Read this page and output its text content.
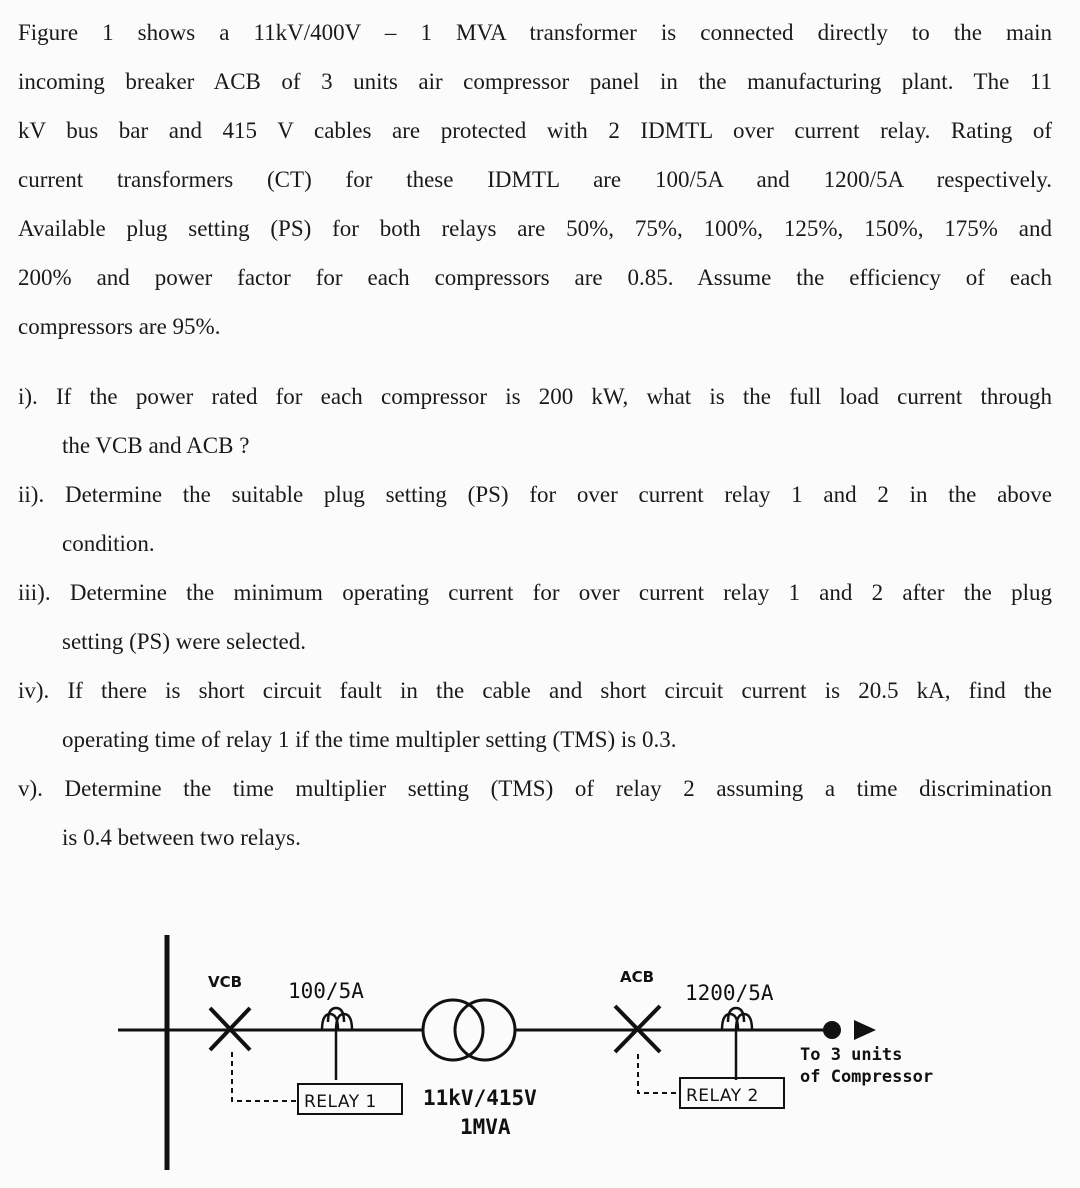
Figure 1 shows a 11kV/400V – 1 MVA transformer is connected directly to the main
incoming breaker ACB of 3 units air compressor panel in the manufacturing plant. The 11
kV bus bar and 415 V cables are protected with 2 IDMTL over current relay. Rating of
current transformers (CT) for these IDMTL are 100/5A and 1200/5A respectively.
Available plug setting (PS) for both relays are 50%, 75%, 100%, 125%, 150%, 175% and
200% and power factor for each compressors are 0.85. Assume the efficiency of each
compressors are 95%.
i). If the power rated for each compressor is 200 kW, what is the full load current through
the VCB and ACB ?
ii). Determine the suitable plug setting (PS) for over current relay 1 and 2 in the above
condition.
iii). Determine the minimum operating current for over current relay 1 and 2 after the plug
setting (PS) were selected.
iv). If there is short circuit fault in the cable and short circuit current is 20.5 kA, find the
operating time of relay 1 if the time multipler setting (TMS) is 0.3.
v). Determine the time multiplier setting (TMS) of relay 2 assuming a time discrimination
is 0.4 between two relays.
VCB 100/5A
RELAY 1 11kV/415V
1MVA
ACB
1200/5A
RELAY 2
To 3 units
of Compressor
